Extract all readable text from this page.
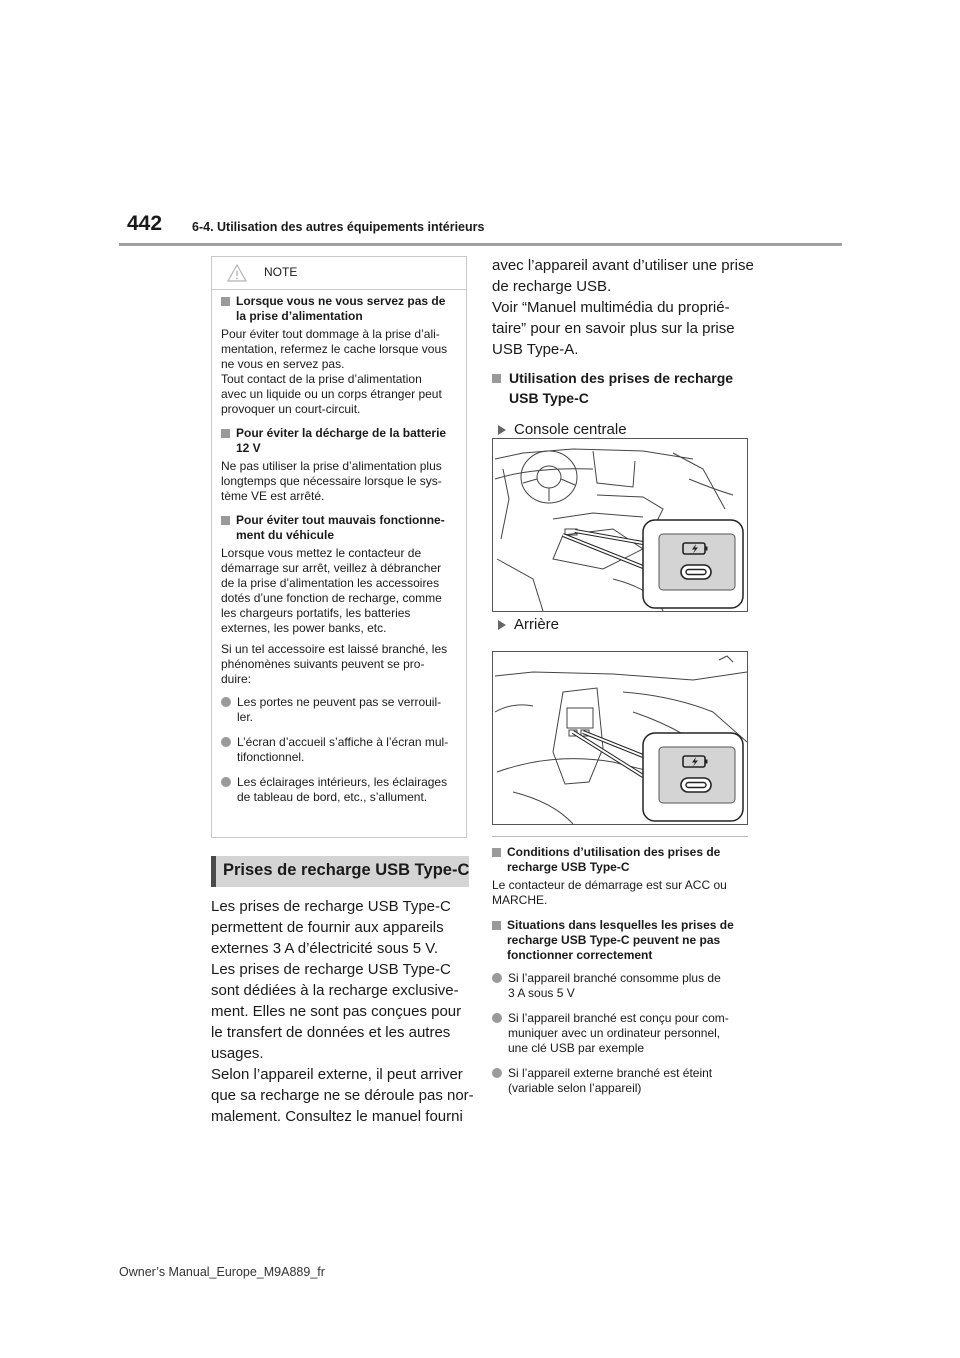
442 6-4. Utilisation des autres équipements intérieurs
NOTE
Lorsque vous ne vous servez pas de
la prise d’alimentation
Pour éviter tout dommage à la prise d’ali-
mentation, refermez le cache lorsque vous
ne vous en servez pas.
Tout contact de la prise d’alimentation
avec un liquide ou un corps étranger peut
provoquer un court-circuit.
Pour éviter la décharge de la batterie
12 V
Ne pas utiliser la prise d’alimentation plus
longtemps que nécessaire lorsque le sys-
tème VE est arrêté.
Pour éviter tout mauvais fonctionne-
ment du véhicule
Lorsque vous mettez le contacteur de
démarrage sur arrêt, veillez à débrancher
de la prise d’alimentation les accessoires
dotés d’une fonction de recharge, comme
les chargeurs portatifs, les batteries
externes, les power banks, etc.
Si un tel accessoire est laissé branché, les
phénomènes suivants peuvent se pro-
duire:
Les portes ne peuvent pas se verrouil-
ler.
L’écran d’accueil s’affiche à l’écran mul-
tifonctionnel.
Les éclairages intérieurs, les éclairages
de tableau de bord, etc., s’allument.
Prises de recharge USB Type-C
Les prises de recharge USB Type-C
permettent de fournir aux appareils
externes 3 A d’électricité sous 5 V.
Les prises de recharge USB Type-C
sont dédiées à la recharge exclusive-
ment. Elles ne sont pas conçues pour
le transfert de données et les autres
usages.
Selon l’appareil externe, il peut arriver
que sa recharge ne se déroule pas nor-
malement. Consultez le manuel fourni
avec l’appareil avant d’utiliser une prise
de recharge USB.
Voir “Manuel multimédia du proprié-
taire” pour en savoir plus sur la prise
USB Type-A.
Utilisation des prises de recharge
USB Type-C
Console centrale
Arrière
Conditions d’utilisation des prises de
recharge USB Type-C
Le contacteur de démarrage est sur ACC ou
MARCHE.
Situations dans lesquelles les prises de
recharge USB Type-C peuvent ne pas
fonctionner correctement
Si l’appareil branché consomme plus de
3 A sous 5 V
Si l’appareil branché est conçu pour com-
muniquer avec un ordinateur personnel,
une clé USB par exemple
Si l’appareil externe branché est éteint
(variable selon l’appareil)
Owner’s Manual_Europe_M9A889_fr
